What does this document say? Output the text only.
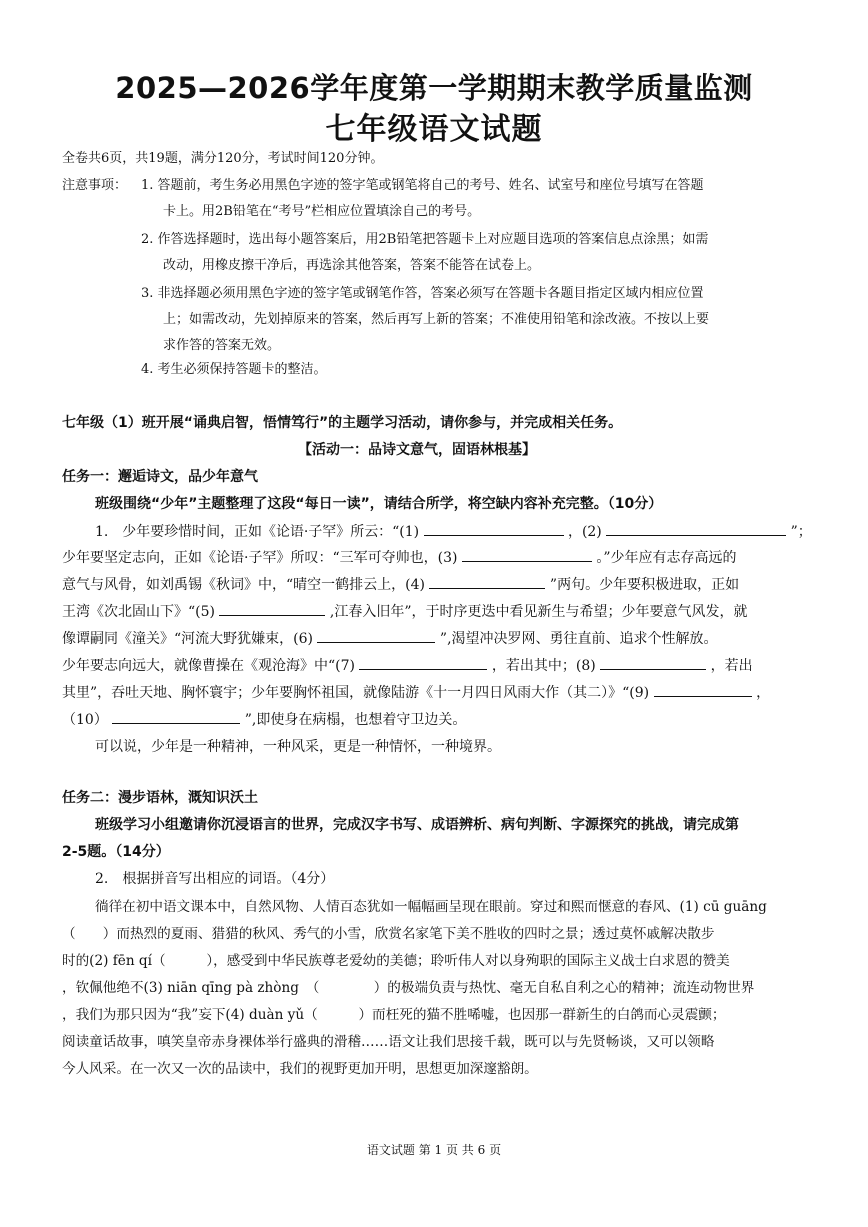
2025—2026学年度第一学期期末教学质量监测
七年级语文试题
全卷共6页，共19题，满分120分，考试时间120分钟。
注意事项： 1. 答题前，考生务必用黑色字迹的签字笔或钢笔将自己的考号、姓名、试室号和座位号填写在答题
卡上。用2B铅笔在“考号”栏相应位置填涂自己的考号。
2. 作答选择题时，选出每小题答案后，用2B铅笔把答题卡上对应题目选项的答案信息点涂黑；如需
改动，用橡皮擦干净后，再选涂其他答案，答案不能答在试卷上。
3. 非选择题必须用黑色字迹的签字笔或钢笔作答，答案必须写在答题卡各题目指定区域内相应位置
上；如需改动，先划掉原来的答案，然后再写上新的答案；不准使用铅笔和涂改液。不按以上要
求作答的答案无效。
4. 考生必须保持答题卡的整洁。
七年级（1）班开展“诵典启智，悟情笃行”的主题学习活动，请你参与，并完成相关任务。
【活动一：品诗文意气，固语林根基】
任务一：邂逅诗文，品少年意气
班级围绕“少年”主题整理了这段“每日一读”，请结合所学，将空缺内容补充完整。（10分）
1.　少年要珍惜时间，正如《论语·子罕》所云：“(1)	，(2)	”；
少年要坚定志向，正如《论语·子罕》所叹：“三军可夺帅也，(3)	。”少年应有志存高远的
意气与风骨，如刘禹锡《秋词》中，“晴空一鹤排云上，(4)	”两句。少年要积极进取，正如
王湾《次北固山下》“(5)	,江春入旧年”，于时序更迭中看见新生与希望；少年要意气风发，就
像谭嗣同《潼关》“河流大野犹嫌束，(6)	”,渴望冲决罗网、勇往直前、追求个性解放。
少年要志向远大，就像曹操在《观沧海》中“(7)	，若出其中；(8)	，若出
其里”，吞吐天地、胸怀寰宇；少年要胸怀祖国，就像陆游《十一月四日风雨大作（其二）》“(9)	，
（10）	”,即使身在病榻，也想着守卫边关。
可以说，少年是一种精神，一种风采，更是一种情怀，一种境界。
任务二：漫步语林，溉知识沃土
班级学习小组邀请你沉浸语言的世界，完成汉字书写、成语辨析、病句判断、字源探究的挑战，请完成第
2-5题。（14分）
2.　根据拼音写出相应的词语。（4分）
徜徉在初中语文课本中，自然风物、人情百态犹如一幅幅画呈现在眼前。穿过和熙而惬意的春风、(1) cū guāng
（　　）而热烈的夏雨、猎猎的秋风、秀气的小雪，欣赏名家笔下美不胜收的四时之景；透过莫怀戚解决散步
时的(2) fēn qí（　　　），感受到中华民族尊老爱幼的美德；聆听伟人对以身殉职的国际主义战士白求恩的赞美
，钦佩他绝不(3) niān qīng pà zhòng　（　　　　）的极端负责与热忱、毫无自私自利之心的精神；流连动物世界
，我们为那只因为“我”妄下(4) duàn yǔ（　　　）而枉死的猫不胜唏嘘，也因那一群新生的白鸽而心灵震颤；
阅读童话故事，嗔笑皇帝赤身裸体举行盛典的滑稽……语文让我们思接千载，既可以与先贤畅谈，又可以领略
今人风采。在一次又一次的品读中，我们的视野更加开明，思想更加深邃豁朗。
语文试题 第 1 页 共 6 页
